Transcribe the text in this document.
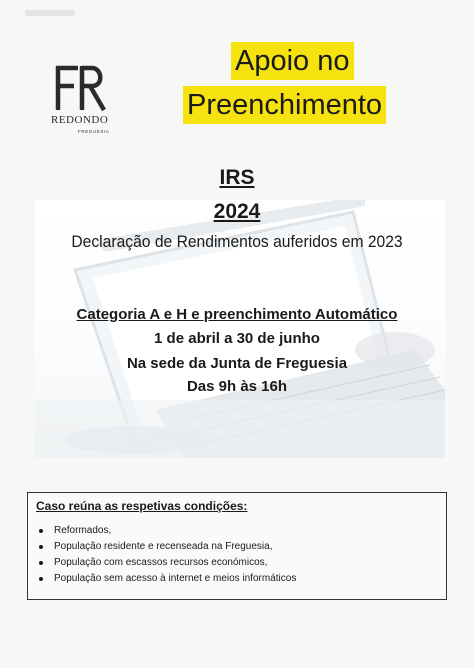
REDONDO
FREGUESIA
Apoio no
Preenchimento
IRS
2024
Declaração de Rendimentos auferidos em 2023
Categoria A e H e preenchimento Automático
1 de abril a 30 de junho
Na sede da Junta de Freguesia
Das 9h às 16h
Caso reúna as respetivas condições:
Reformados,
População residente e recenseada na Freguesia,
População com escassos recursos económicos,
População sem acesso à internet e meios informáticos
